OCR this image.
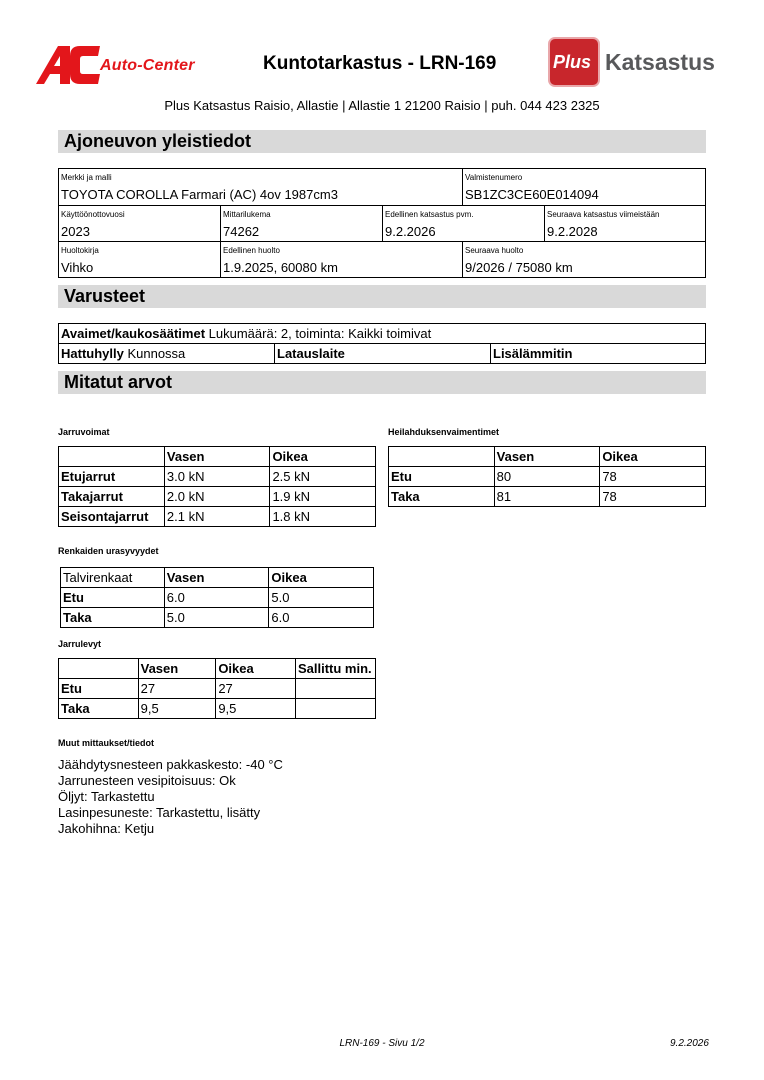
Auto-Center	Kuntotarkastus - LRN-169	Plus Katsastus
Plus Katsastus Raisio, Allastie | Allastie 1 21200 Raisio | puh. 044 423 2325
Ajoneuvon yleistiedot
Merkki ja malli
TOYOTA COROLLA Farmari (AC) 4ov 1987cm3
Valmistenumero
SB1ZC3CE60E014094
Käyttöönottovuosi
2023
Mittarilukema
74262
Edellinen katsastus pvm.
9.2.2026
Seuraava katsastus viimeistään
9.2.2028
Huoltokirja
Vihko
Edellinen huolto
1.9.2025, 60080 km
Seuraava huolto
9/2026 / 75080 km
Varusteet
Avaimet/kaukosäätimet Lukumäärä: 2, toiminta: Kaikki toimivat
Hattuhylly Kunnossa	Latauslaite	Lisälämmitin
Mitatut arvot
Jarruvoimat
	Vasen	Oikea
Etujarrut	3.0 kN	2.5 kN
Takajarrut	2.0 kN	1.9 kN
Seisontajarrut	2.1 kN	1.8 kN
Heilahduksenvaimentimet
	Vasen	Oikea
Etu	80	78
Taka	81	78
Renkaiden urasyvyydet
Talvirenkaat	Vasen	Oikea
Etu	6.0	5.0
Taka	5.0	6.0
Jarrulevyt
	Vasen	Oikea	Sallittu min.
Etu	27	27	
Taka	9,5	9,5	
Muut mittaukset/tiedot
Jäähdytysnesteen pakkaskesto: -40 °C
Jarrunesteen vesipitoisuus: Ok
Öljyt: Tarkastettu
Lasinpesuneste: Tarkastettu, lisätty
Jakohihna: Ketju
LRN-169 - Sivu 1/2	9.2.2026
